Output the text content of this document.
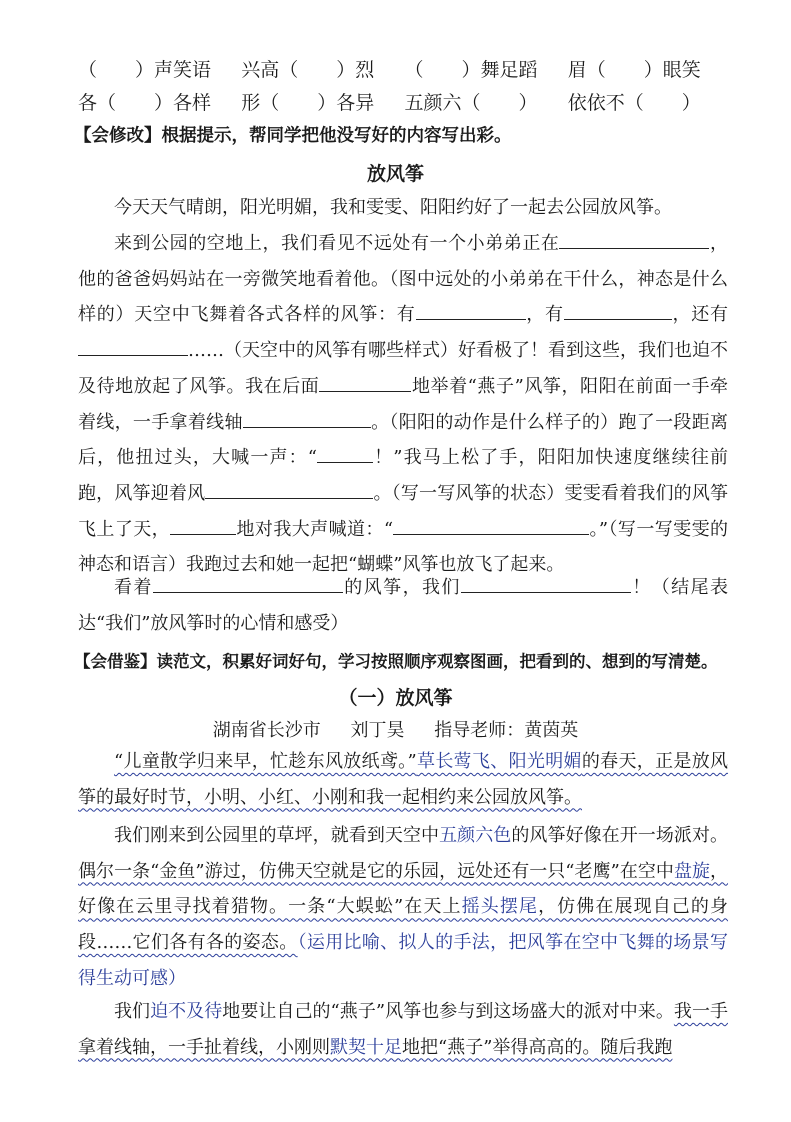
（　　）声笑语	兴高（　　）烈	（　　）舞足蹈	眉（　　）眼笑
各（　　）各样	形（　　）各异	五颜六（　　）	依依不（　　）
【会修改】根据提示，帮同学把他没写好的内容写出彩。
放风筝
今天天气晴朗，阳光明媚，我和雯雯、阳阳约好了一起去公园放风筝。
来到公园的空地上，我们看见不远处有一个小弟弟正在	，他的爸爸妈妈站在一旁微笑地看着他。（图中远处的小弟弟在干什么，神态是什么样的）天空中飞舞着各式各样的风筝：有	，有	，还有……（天空中的风筝有哪些样式）好看极了！看到这些，我们也迫不及待地放起了风筝。我在后面	地举着“燕子”风筝，阳阳在前面一手牵着线，一手拿着线轴	。（阳阳的动作是什么样子的）跑了一段距离后，他扭过头，大喊一声：“	！”我马上松了手，阳阳加快速度继续往前跑，风筝迎着风	。（写一写风筝的状态）雯雯看着我们的风筝飞上了天，	地对我大声喊道：“	。”（写一写雯雯的神态和语言）我跑过去和她一起把“蝴蝶”风筝也放飞了起来。
看着	的风筝，我们	！（结尾表达“我们”放风筝时的心情和感受）
【会借鉴】读范文，积累好词好句，学习按照顺序观察图画，把看到的、想到的写清楚。
（一）放风筝
湖南省长沙市 刘丁昊 指导老师：黄茵英
“儿童散学归来早，忙趁东风放纸鸢。”草长莺飞、阳光明媚的春天，正是放风筝的最好时节，小明、小红、小刚和我一起相约来公园放风筝。
我们刚来到公园里的草坪，就看到天空中五颜六色的风筝好像在开一场派对。偶尔一条“金鱼”游过，仿佛天空就是它的乐园，远处还有一只“老鹰”在空中盘旋，好像在云里寻找着猎物。一条“大蜈蚣”在天上摇头摆尾，仿佛在展现自己的身段……它们各有各的姿态。（运用比喻、拟人的手法，把风筝在空中飞舞的场景写得生动可感）
我们迫不及待地要让自己的“燕子”风筝也参与到这场盛大的派对中来。我一手拿着线轴，一手扯着线，小刚则默契十足地把“燕子”举得高高的。随后我跑
